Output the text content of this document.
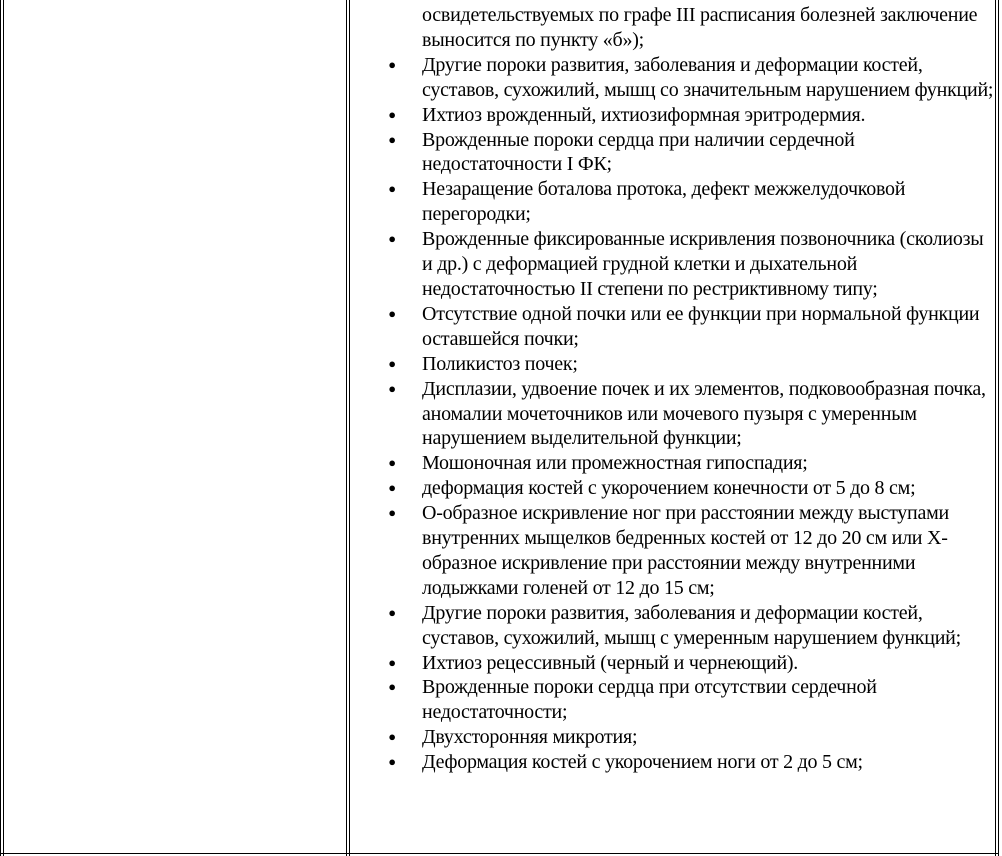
освидетельствуемых по графе III расписания болезней заключение выносится по пункту «б»);

● Другие пороки развития, заболевания и деформации костей, суставов, сухожилий, мышц со значительным нарушением функций;
● Ихтиоз врожденный, ихтиозиформная эритродермия.
● Врожденные пороки сердца при наличии сердечной недостаточности I ФК;
● Незаращение боталова протока, дефект межжелудочковой перегородки;
● Врожденные фиксированные искривления позвоночника (сколиозы и др.) с деформацией грудной клетки и дыхательной недостаточностью II степени по рестриктивному типу;
● Отсутствие одной почки или ее функции при нормальной функции оставшейся почки;
● Поликистоз почек;
● Дисплазии, удвоение почек и их элементов, подковообразная почка, аномалии мочеточников или мочевого пузыря с умеренным нарушением выделительной функции;
● Мошоночная или промежностная гипоспадия;
● деформация костей с укорочением конечности от 5 до 8 см;
● О-образное искривление ног при расстоянии между выступами внутренних мыщелков бедренных костей от 12 до 20 см или Х-образное искривление при расстоянии между внутренними лодыжками голеней от 12 до 15 см;
● Другие пороки развития, заболевания и деформации костей, суставов, сухожилий, мышц с умеренным нарушением функций;
● Ихтиоз рецессивный (черный и чернеющий).
● Врожденные пороки сердца при отсутствии сердечной недостаточности;
● Двухсторонняя микротия;
● Деформация костей с укорочением ноги от 2 до 5 см;
